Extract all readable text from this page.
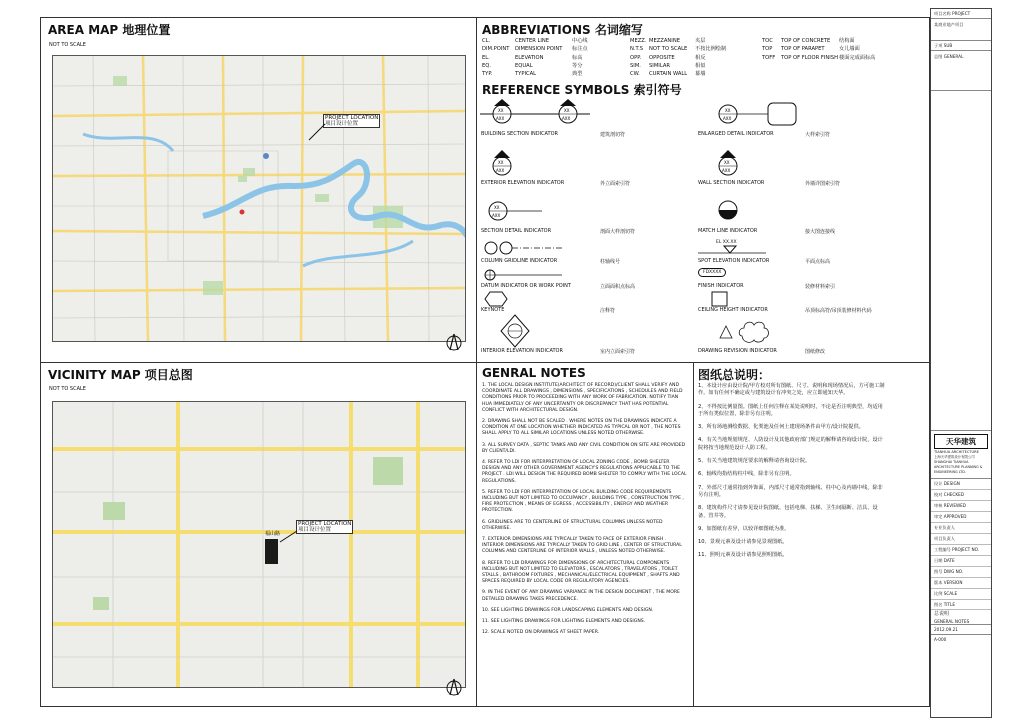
AREA MAP 地理位置
NOT TO SCALE
PROJECT LOCATION
项目设计位置
VICINITY MAP 项目总图
NOT TO SCALE
福山路
PROJECT LOCATION
项目设计位置
ABBREVIATIONS 名词缩写
CL.	CENTER LINE	中心线
DIM.POINT	DIMENSION POINT	标注点
EL.	ELEVATION	标高
EQ.	EQUAL	等分
TYP.	TYPICAL	典型
MEZZ. MEZZANINE	夹层
N.T.S	NOT TO SCALE	不按比例绘制
OPP.	OPPOSITE	相反
SIM.	SIMILAR	相似
CW.	CURTAIN WALL	幕墙
TOC	TOP OF CONCRETE	结构面
TOP	TOP OF PARAPET	女儿墙面
TOFF	TOP OF FLOOR FINISH 楼面完成面标高
REFERENCE SYMBOLS 索引符号
XX
AXX
XX
AXX
BUILDING SECTION INDICATOR	建筑剖切符
XX
AXX
ENLARGED DETAIL INDICATOR	大样索引符
XX
AXX
EXTERIOR ELEVATION INDICATOR	外立面索引符
XX
AXX
WALL SECTION INDICATOR	外墙详图索引符
XX
AXX
SECTION DETAIL INDICATOR	剖面大样剖切符	MATCH LINE INDICATOR	接大图连接线
COLUMN GRIDLINE INDICATOR	柱轴线号
EL XX.XX
SPOT ELEVATION INDICATOR	平面点标高
DATUM INDICATOR OR WORK POINT	立面面积点标高
FDXXXX
FINISH INDICATOR	装修材料索引
KEYNOTE	注释符	CEILING HEIGHT INDICATOR	吊顶标高符/吊顶装修材料代码
INTERIOR ELEVATION INDICATOR	室内立面索引符	DRAWING REVISION INDICATOR	图纸修改
GENRAL NOTES
1. THE LOCAL DESIGN INSTITUTE(ARCHITECT OF RECORD)/CLIENT SHALL VERIFY AND COORDINATE ALL DRAWINGS , DIMENSIONS , SPECIFICATIONS , SCHEDULES AND FIELD CONDITIONS PRIOR TO PROCEEDING WITH ANY WORK OF FABRICATION. NOTIFY TIAN HUA IMMEDIATELY OF ANY UNCERTAINTY OR DISCREPANCY THAT HAS POTENTIAL CONFLICT WITH ARCHITECTURAL DESIGN.
2. DRAWING SHALL NOT BE SCALED . WHERE NOTES ON THE DRAWINGS INDICATE A CONDITION AT ONE LOCATION WHETHER INDICATED AS TYPICAL OR NOT , THE NOTES SHALL APPLY TO ALL SIMILAR LOCATIONS UNLESS NOTED OTHERWISE.
3. ALL SURVEY DATA , SEPTIC TANKS AND ANY CIVIL CONDITION ON SITE ARE PROVIDED BY CLIENT/LDI.
4. REFER TO LDI FOR INTERPRETATION OF LOCAL ZONING CODE , BOMB SHELTER DESIGN AND ANY OTHER GOVERNMENT AGENCY'S REGULATIONS APPLICABLE TO THE PROJECT . LDI WILL DESIGN THE REQUIRED BOMB SHELTER TO COMPLY WITH THE LOCAL REGULATIONS.
5. REFER TO LDI FOR INTERPRETATION OF LOCAL BUILDING CODE REQUIREMENTS INCLUDING BUT NOT LIMITED TO OCCUPANCY , BUILDING TYPE , CONSTRUCTION TYPE , FIRE PROTECTION , MEANS OF EGRESS , ACCESSIBILITY , ENERGY AND WEATHER PROTECTION.
6. GRIDLINES ARE TO CENTERLINE OF STRUCTURAL COLUMNS UNLESS NOTED OTHERWISE.
7. EXTERIOR DIMENSIONS ARE TYPICALLY TAKEN TO FACE OF EXTERIOR FINISH . INTERIOR DIMENSIONS ARE TYPICALLY TAKEN TO GRID LINE , CENTER OF STRUCTURAL COLUMNS AND CENTERLINE OF INTERIOR WALLS , UNLESS NOTED OTHERWISE.
8. REFER TO LDI DRAWINGS FOR DIMENSIONS OF ARCHITECTURAL COMPONENTS INCLUDING BUT NOT LIMITED TO ELEVATORS , ESCALATORS , TRAVELATORS , TOILET STALLS , BATHROOM FIXTURES , MECHANICAL/ELECTRICAL EQUIPMENT , SHAFTS AND SPACES REQUIRED BY LOCAL CODE OR REGULATORY AGENCIES.
9. IN THE EVENT OF ANY DRAWING VARIANCE IN THE DESIGN DOCUMENT , THE MORE DETAILED DRAWING TAKES PRECEDENCE.
10. SEE LIGHTING DRAWINGS FOR LANDSCAPING ELEMENTS AND DESIGN.
11. SEE LIGHTING DRAWINGS FOR LIGHTING ELEMENTS AND DESIGNS.
12. SCALE NOTED ON DRAWINGS AT SHEET PAPER.
图纸总说明：
1、本设计应由设计院/甲方校对所有图纸、尺寸、说明和现场情况后，方可施工制作。如有任何不确定或与建筑设计有冲突之处，应立即通知天华。
2、不得按比例量图。图纸上任何注释在某处说明时，不论是否注明典型，均适用于所有类似位置，除非另有注明。
3、所有场地测绘数据、化粪池及任何土建现场条件由甲方/设计院提供。
4、有关当地规划规范、人防设计及其他政府部门规定的解释请咨询设计院，设计院将按当地规范设计人防工程。
5、有关当地建筑规范要求的解释请咨询设计院。
6、轴线均指结构柱中线，除非另有注明。
7、外部尺寸通常指到外饰面，内部尺寸通常指到轴线、柱中心及内墙中线，除非另有注明。
8、建筑构件尺寸请参见设计院图纸，包括电梯、扶梯、卫生间隔断、洁具、设备、管井等。
9、如图纸有差异，以较详细图纸为准。
10、景观元素及设计请参见景观图纸。
11、照明元素及设计请参见照明图纸。
项目名称 PROJECT
某商业地产项目
子项 SUB
总图 GENERAL
天华建筑
TIANHUA ARCHITECTURE
上海天华建筑设计有限公司 SHANGHAI TIANHUA ARCHITECTURE PLANNING & ENGINEERING LTD.
设计 DESIGN
校对 CHECKED
审核 REVIEWED
审定 APPROVED
专业负责人
项目负责人
工程编号 PROJECT NO.
日期 DATE
图号 DWG NO.
版本 VERSION
比例 SCALE
图名 TITLE
总说明
GENERAL NOTES
2012.09.21
A-000
